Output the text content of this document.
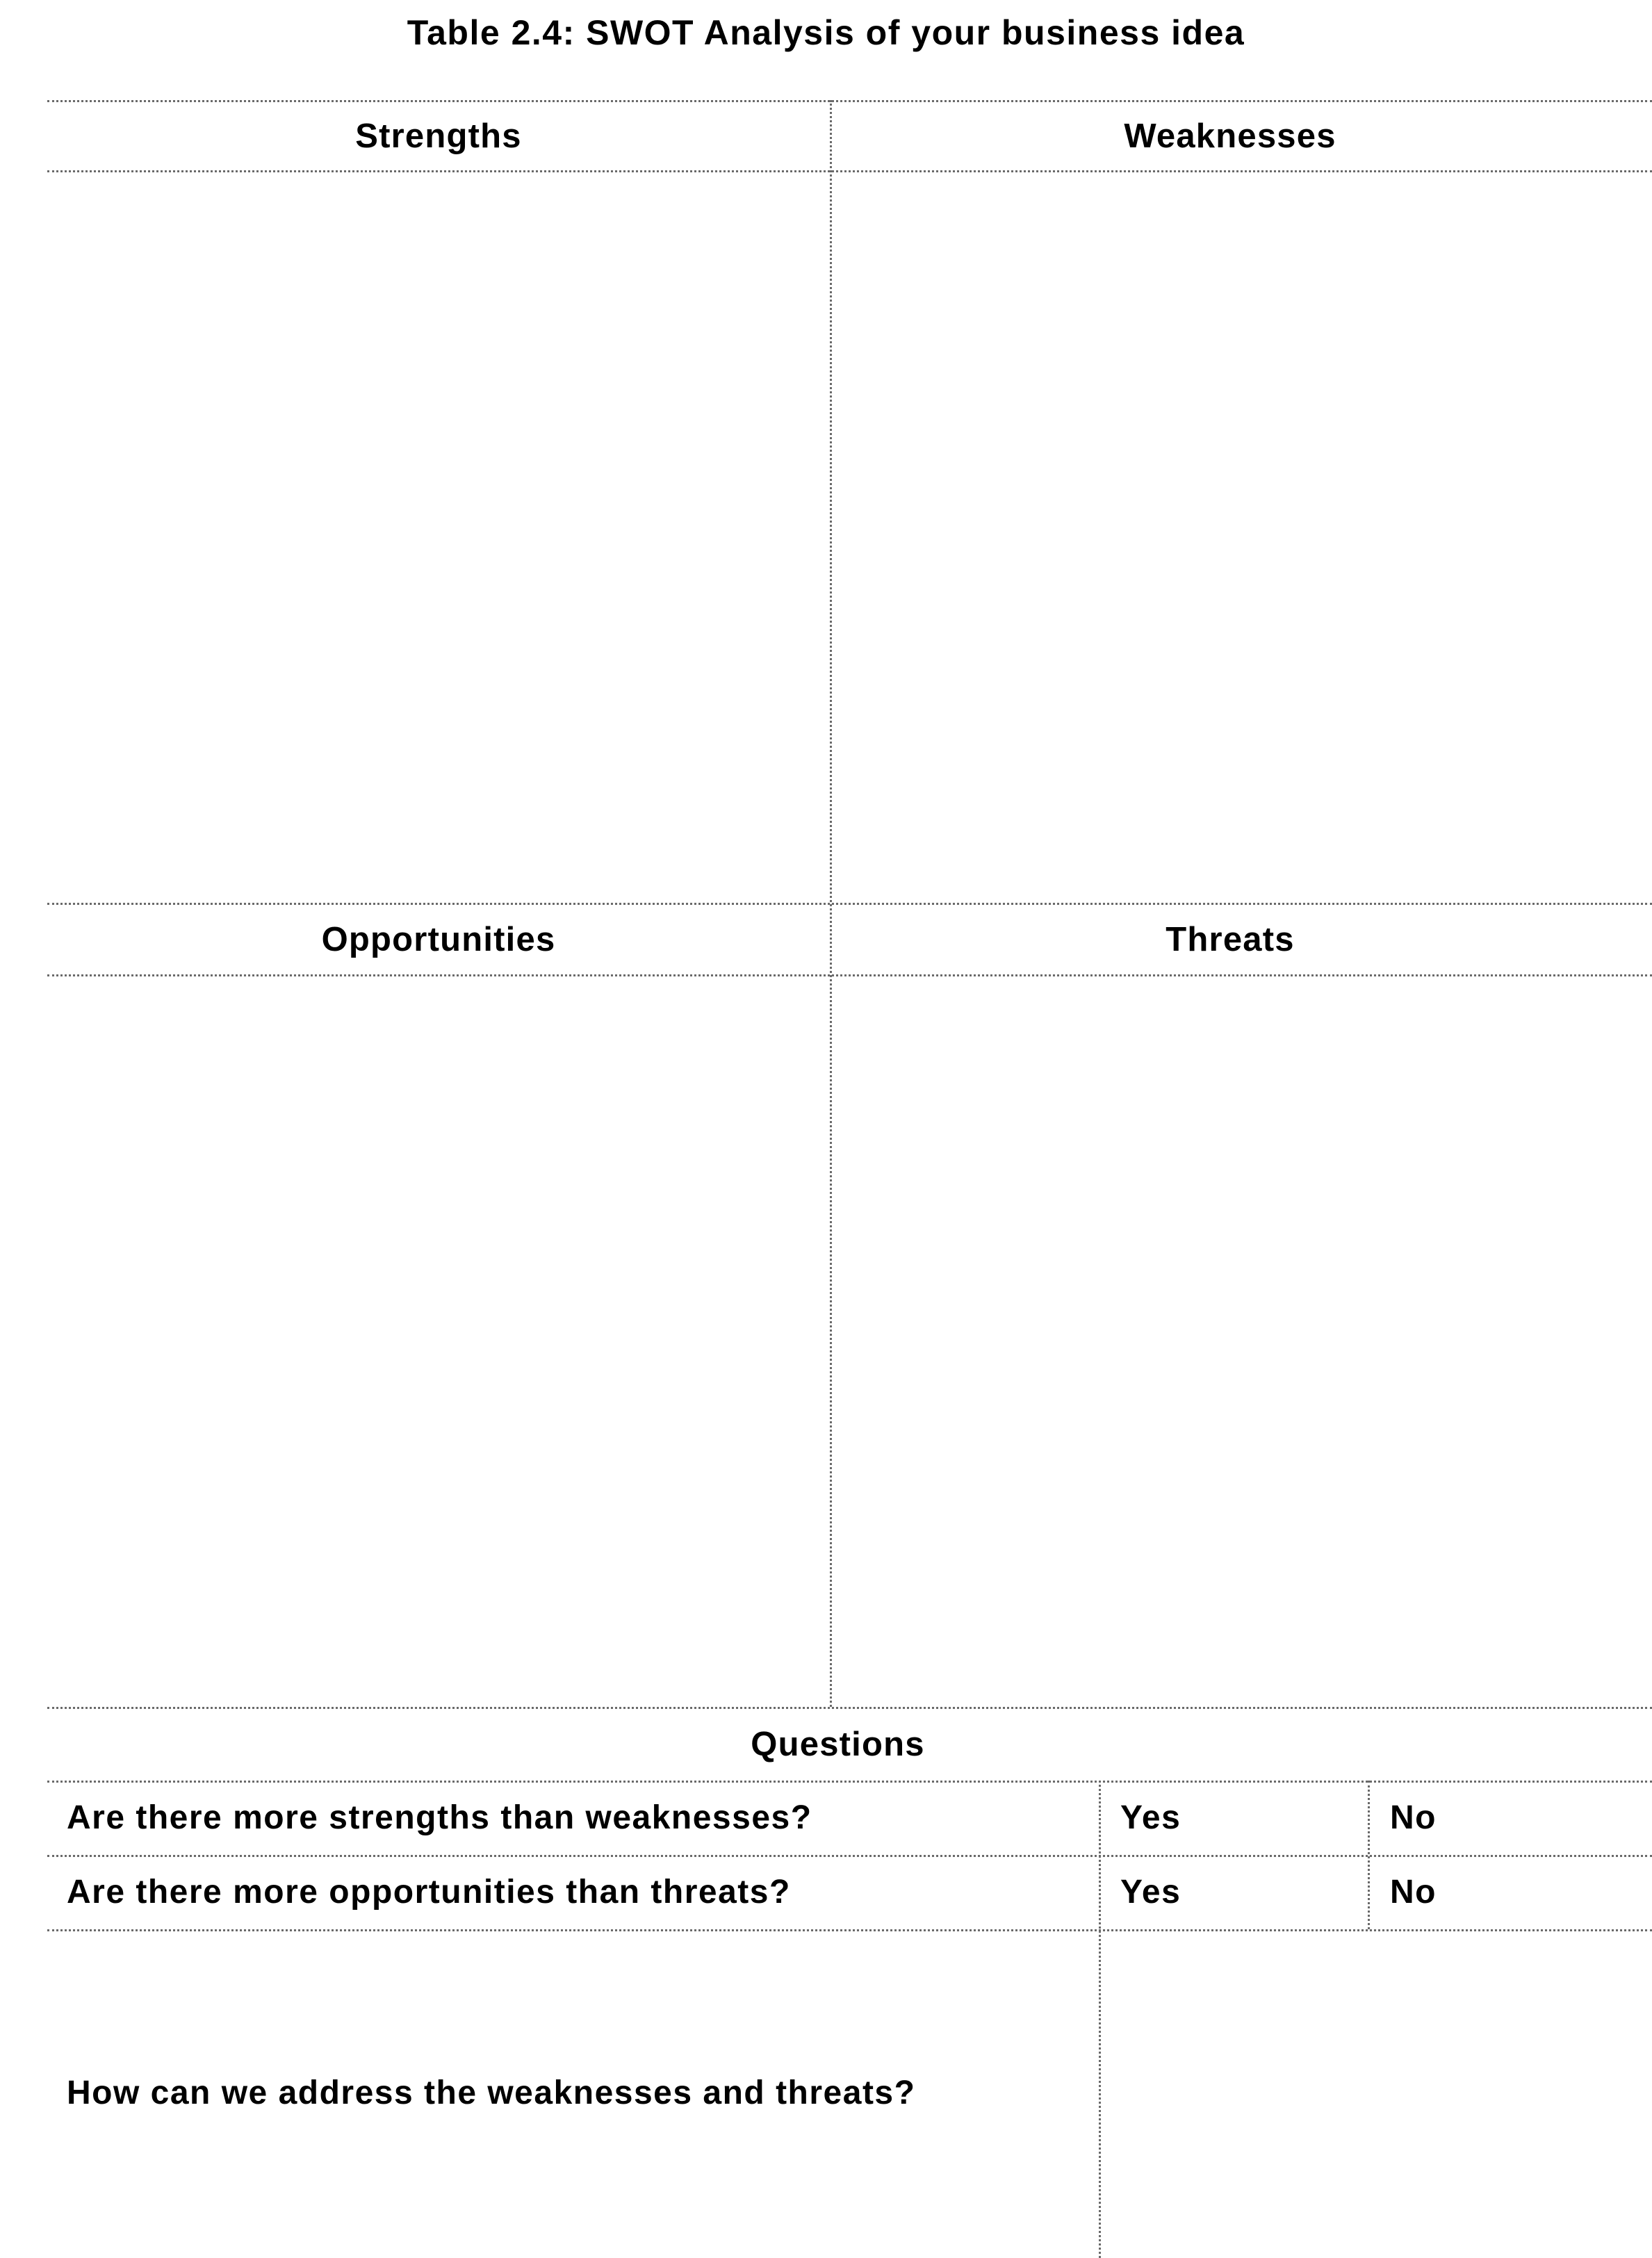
Table 2.4: SWOT Analysis of your business idea
Strengths	Weaknesses
Opportunities	Threats
Questions
Are there more strengths than weaknesses?	Yes	No
Are there more opportunities than threats?	Yes	No
How can we address the weaknesses and threats?
